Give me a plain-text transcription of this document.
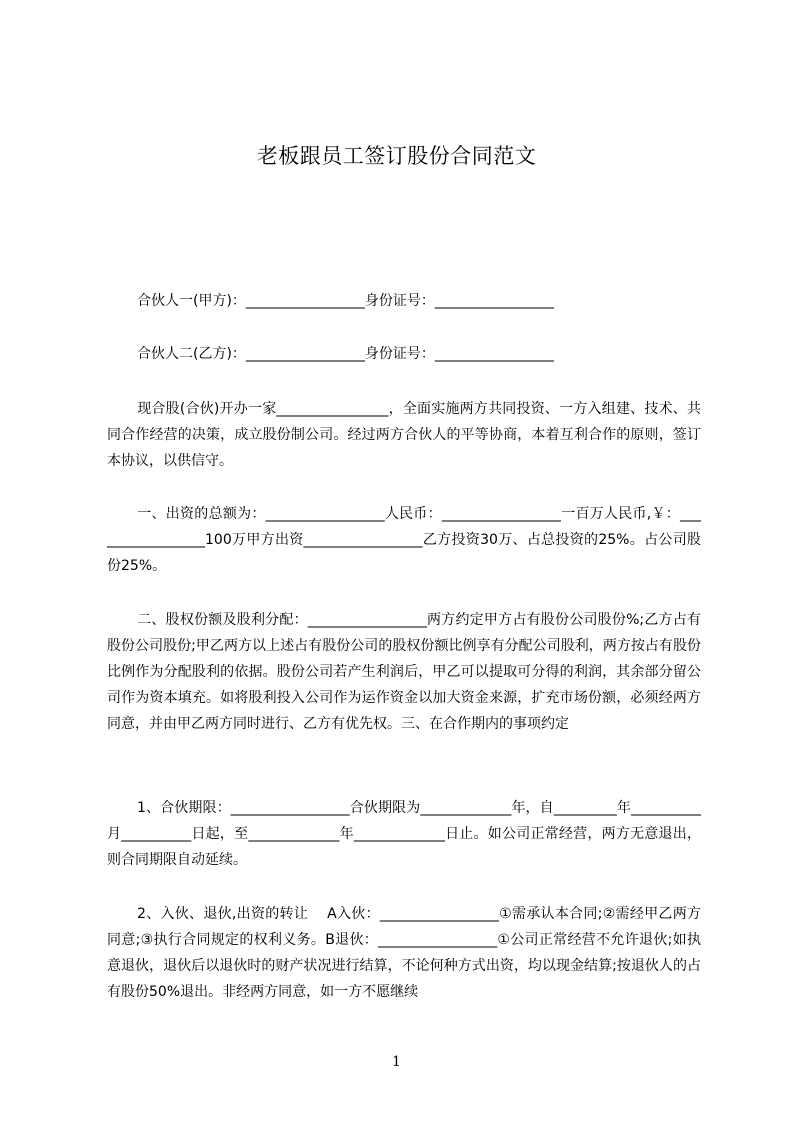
老板跟员工签订股份合同范文
合伙人一(甲方)：_________________身份证号：_________________
合伙人二(乙方)：_________________身份证号：_________________
现合股(合伙)开办一家________________，全面实施两方共同投资、一方入组建、技术、共同合作经营的决策，成立股份制公司。经过两方合伙人的平等协商，本着互利合作的原则，签订本协议，以供信守。
一、出资的总额为：_________________人民币：_________________一百万人民币,￥：_________________100万甲方出资_________________乙方投资30万、占总投资的25%。占公司股份25%。
二、股权份额及股利分配：_________________两方约定甲方占有股份公司股份%;乙方占有股份公司股份;甲乙两方以上述占有股份公司的股权份额比例享有分配公司股利，两方按占有股份比例作为分配股利的依据。股份公司若产生利润后，甲乙可以提取可分得的利润，其余部分留公司作为资本填充。如将股利投入公司作为运作资金以加大资金来源，扩充市场份额，必须经两方同意，并由甲乙两方同时进行、乙方有优先权。三、在合作期内的事项约定
1、合伙期限：_________________合伙期限为_____________年，自_________年__________月__________日起，至_____________年_____________日止。如公司正常经营，两方无意退出，则合同期限自动延续。
2、入伙、退伙,出资的转让 　A入伙：_________________①需承认本合同;②需经甲乙两方同意;③执行合同规定的权利义务。B退伙：_________________①公司正常经营不允许退伙;如执意退伙，退伙后以退伙时的财产状况进行结算，不论何种方式出资，均以现金结算;按退伙人的占有股份50%退出。非经两方同意，如一方不愿继续
1
